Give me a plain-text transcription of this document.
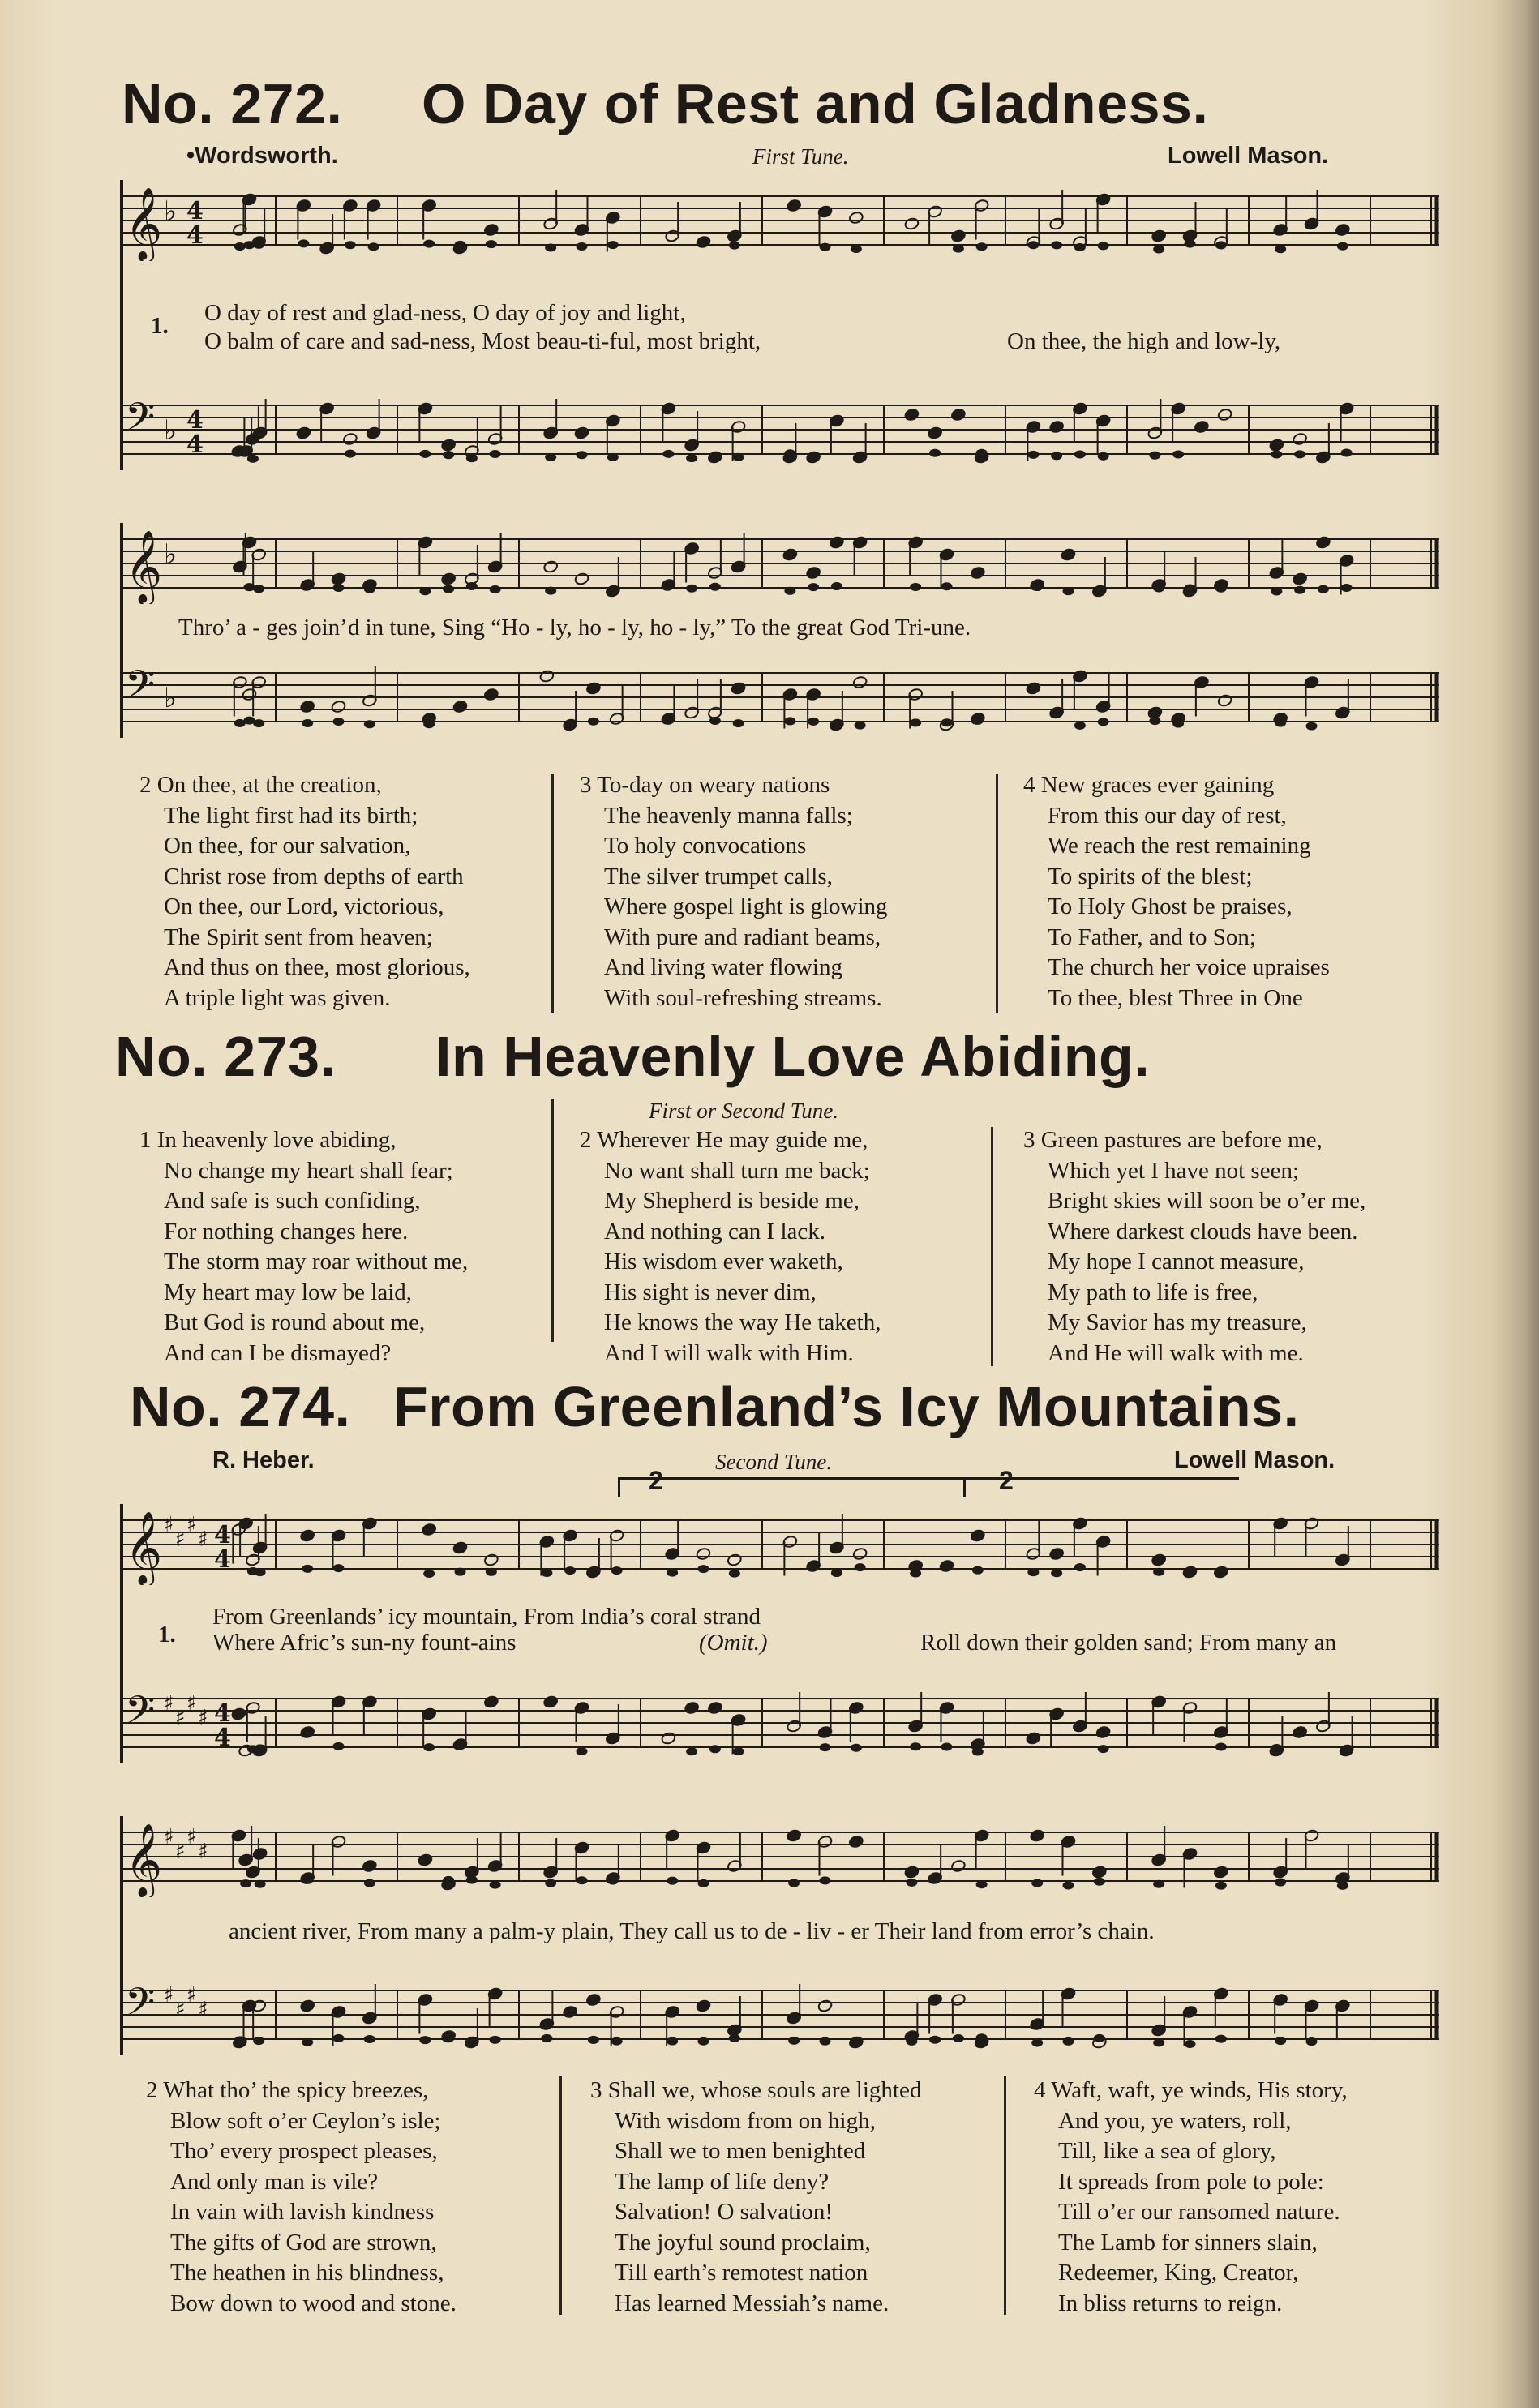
No. 272. O Day of Rest and Gladness.
•Wordsworth.	First Tune.	Lowell Mason.
𝄞 ♭ 4
4
1. O day of rest and glad-ness, O day of joy and light,
O balm of care and sad-ness, Most beau-ti-ful, most bright,	On thee, the high and low-ly,
𝄢 ♭ 4
4
𝄞 ♭
Thro’ a - ges join’d in tune, Sing “Ho - ly, ho - ly, ho - ly,” To the great God Tri-une.
𝄢 ♭
2 On thee, at the creation,
The light first had its birth;
On thee, for our salvation,
Christ rose from depths of earth
On thee, our Lord, victorious,
The Spirit sent from heaven;
And thus on thee, most glorious,
A triple light was given.
3 To-day on weary nations
The heavenly manna falls;
To holy convocations
The silver trumpet calls,
Where gospel light is glowing
With pure and radiant beams,
And living water flowing
With soul-refreshing streams.
4 New graces ever gaining
From this our day of rest,
We reach the rest remaining
To spirits of the blest;
To Holy Ghost be praises,
To Father, and to Son;
The church her voice upraises
To thee, blest Three in One
No. 273. In Heavenly Love Abiding.
First or Second Tune.
1 In heavenly love abiding,
No change my heart shall fear;
And safe is such confiding,
For nothing changes here.
The storm may roar without me,
My heart may low be laid,
But God is round about me,
And can I be dismayed?
2 Wherever He may guide me,
No want shall turn me back;
My Shepherd is beside me,
And nothing can I lack.
His wisdom ever waketh,
His sight is never dim,
He knows the way He taketh,
And I will walk with Him.
3 Green pastures are before me,
Which yet I have not seen;
Bright skies will soon be o’er me,
Where darkest clouds have been.
My hope I cannot measure,
My path to life is free,
My Savior has my treasure,
And He will walk with me.
No. 274. From Greenland’s Icy Mountains.
R. Heber.	Second Tune.	Lowell Mason.
2	2
𝄞 ♯
♯
♯
♯ 4
4
1.
From Greenlands’ icy mountain, From India’s coral strand
Where Afric’s sun-ny fount-ains	(Omit.)	Roll down their golden sand; From many an
𝄢 ♯
♯
♯
♯ 4
4
𝄞 ♯
♯
♯
♯
ancient river, From many a palm-y plain, They call us to de - liv - er Their land from error’s chain.
𝄢 ♯
♯
♯
♯
2 What tho’ the spicy breezes,
Blow soft o’er Ceylon’s isle;
Tho’ every prospect pleases,
And only man is vile?
In vain with lavish kindness
The gifts of God are strown,
The heathen in his blindness,
Bow down to wood and stone.
3 Shall we, whose souls are lighted
With wisdom from on high,
Shall we to men benighted
The lamp of life deny?
Salvation! O salvation!
The joyful sound proclaim,
Till earth’s remotest nation
Has learned Messiah’s name.
4 Waft, waft, ye winds, His story,
And you, ye waters, roll,
Till, like a sea of glory,
It spreads from pole to pole:
Till o’er our ransomed nature.
The Lamb for sinners slain,
Redeemer, King, Creator,
In bliss returns to reign.
